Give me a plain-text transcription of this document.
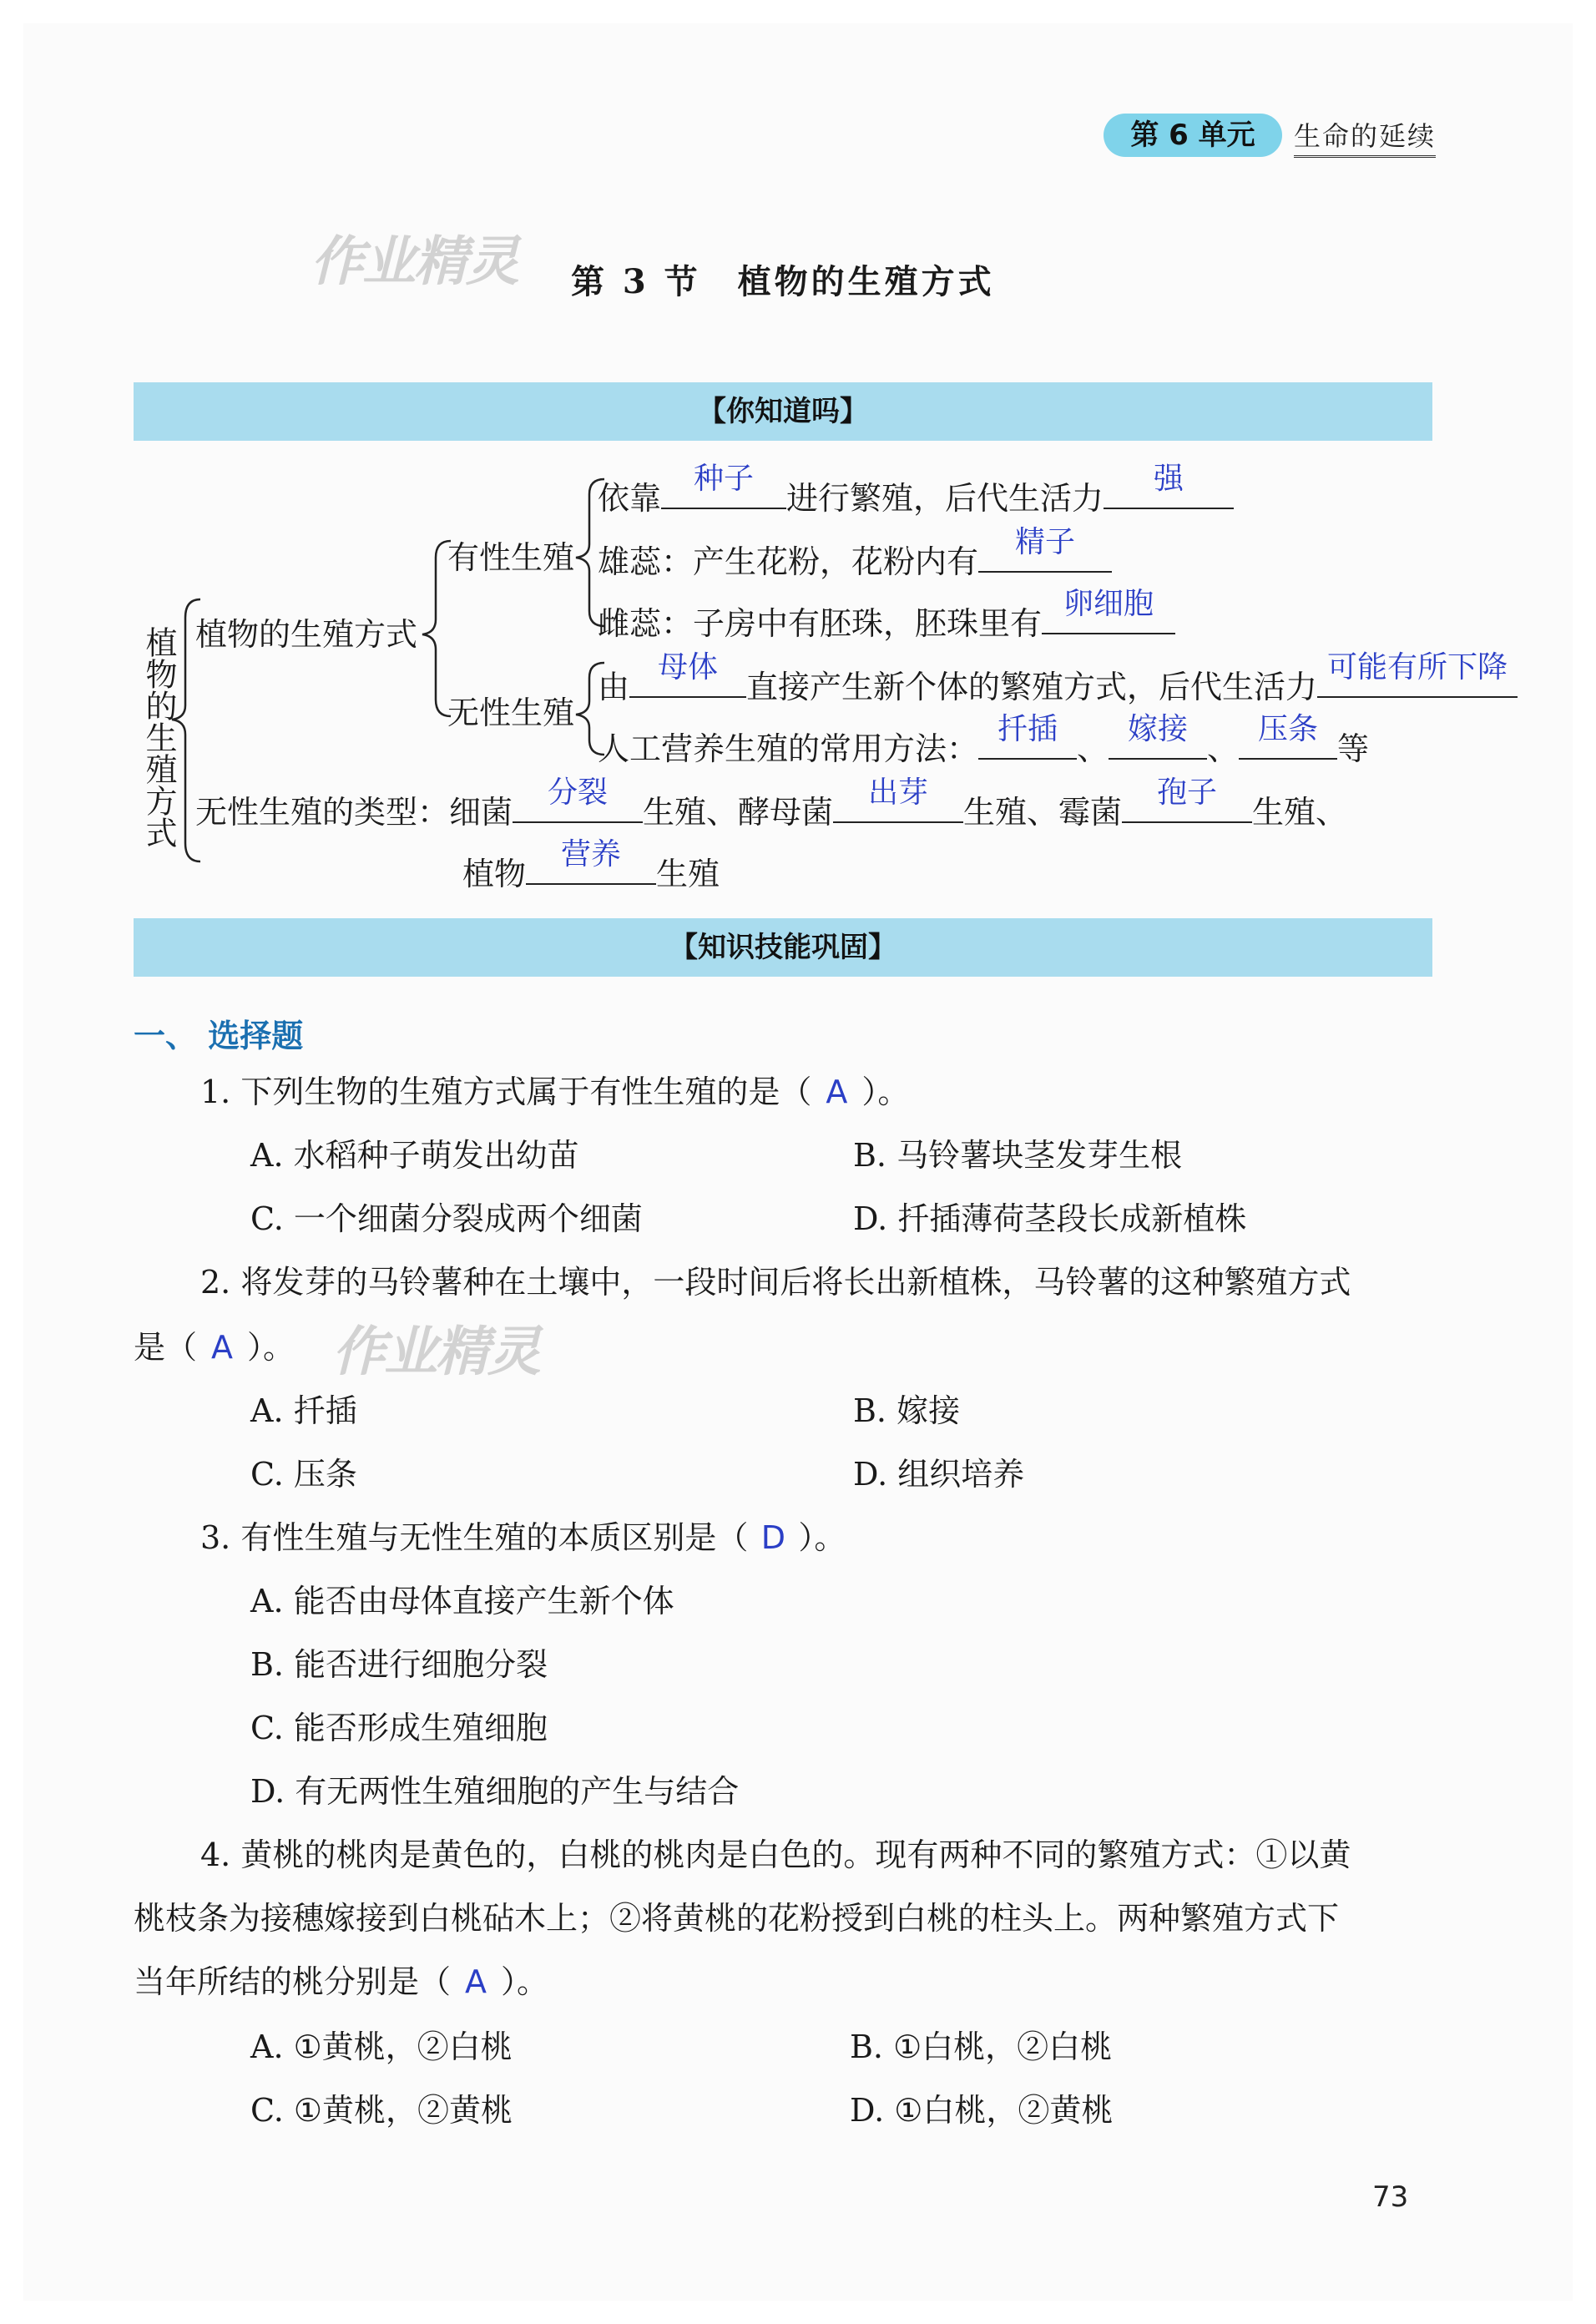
第 6 单元	生命的延续
作业精灵 第 3 节　植物的生殖方式
【你知道吗】
植物的生殖方式 植物的生殖方式
有性生殖
无性生殖
依靠
种子
进行繁殖，后代生活力
强
雄蕊：产生花粉，花粉内有
精子
雌蕊：子房中有胚珠，胚珠里有
卵细胞
由
母体
直接产生新个体的繁殖方式，后代生活力
可能有所下降
人工营养生殖的常用方法：
扦插
、
嫁接
、
压条
等
无性生殖的类型：细菌
分裂
生殖、酵母菌
出芽
生殖、霉菌
孢子
生殖、
植物
营养
生殖
【知识技能巩固】
一、 选择题
1. 下列生物的生殖方式属于有性生殖的是（ A ）。
A. 水稻种子萌发出幼苗	B. 马铃薯块茎发芽生根
C. 一个细菌分裂成两个细菌	D. 扦插薄荷茎段长成新植株
2. 将发芽的马铃薯种在土壤中，一段时间后将长出新植株，马铃薯的这种繁殖方式
是（ A ）。 作业精灵
A. 扦插	B. 嫁接
C. 压条	D. 组织培养
3. 有性生殖与无性生殖的本质区别是（ D ）。
A. 能否由母体直接产生新个体
B. 能否进行细胞分裂
C. 能否形成生殖细胞
D. 有无两性生殖细胞的产生与结合
4. 黄桃的桃肉是黄色的，白桃的桃肉是白色的。现有两种不同的繁殖方式：①以黄
桃枝条为接穗嫁接到白桃砧木上；②将黄桃的花粉授到白桃的柱头上。两种繁殖方式下
当年所结的桃分别是（ A ）。
A. ①黄桃，②白桃	B. ①白桃，②白桃
C. ①黄桃，②黄桃	D. ①白桃，②黄桃
73
